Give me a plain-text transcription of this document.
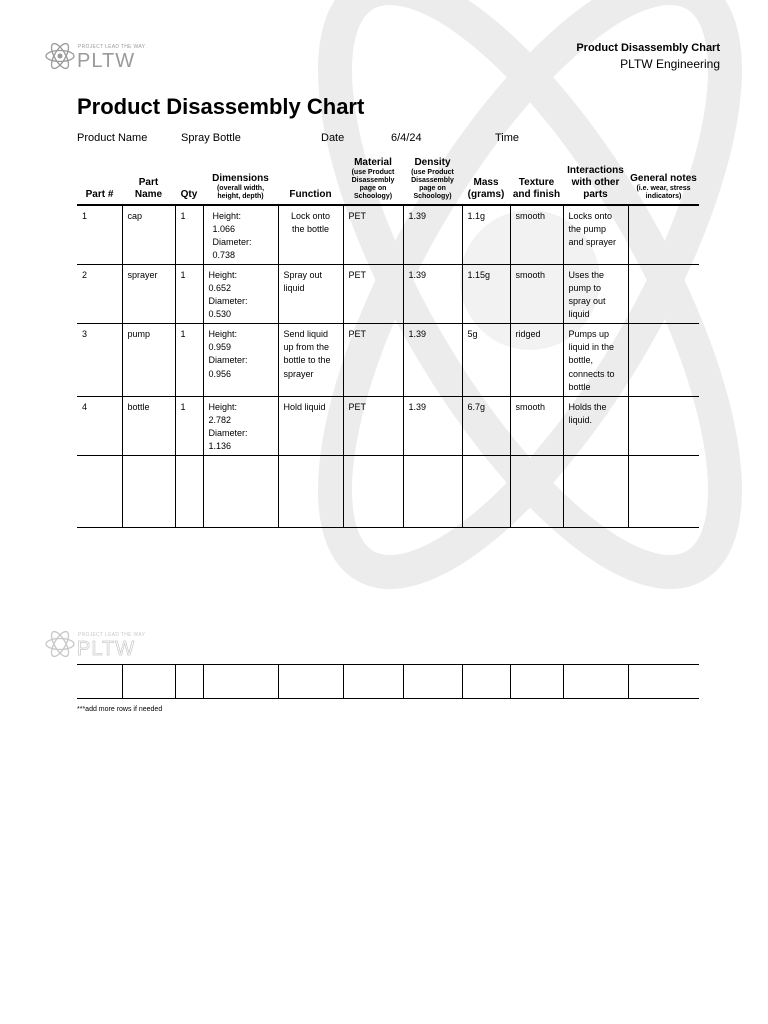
PROJECT LEAD THE WAY
PLTW
Product Disassembly Chart
PLTW Engineering
Product Disassembly Chart
Product Name	Spray Bottle	Date	6/4/24	Time
Part #	Part Name	Qty	Dimensions
(overall width, height, depth)	Function	Material
(use Product Disassembly page on Schoology)	Density
(use Product Disassembly page on Schoology)	Mass (grams)	Texture and finish	Interactions with other parts	General notes
(i.e. wear, stress indicators)

1	cap	1	Height:
1.066
Diameter:
0.738	Lock onto the bottle	PET	1.39	1.1g	smooth	Locks onto the pump and sprayer	
2	sprayer	1	Height:
0.652
Diameter:
0.530	Spray out liquid	PET	1.39	1.15g	smooth	Uses the pump to spray out liquid	
3	pump	1	Height:
0.959
Diameter:
0.956	Send liquid up from the bottle to the sprayer	PET	1.39	5g	ridged	Pumps up liquid in the bottle, connects to bottle	
4	bottle	1	Height:
2.782
Diameter:
1.136	Hold liquid	PET	1.39	6.7g	smooth	Holds the liquid.	

PROJECT LEAD THE WAY
PLTW

***add more rows if needed
